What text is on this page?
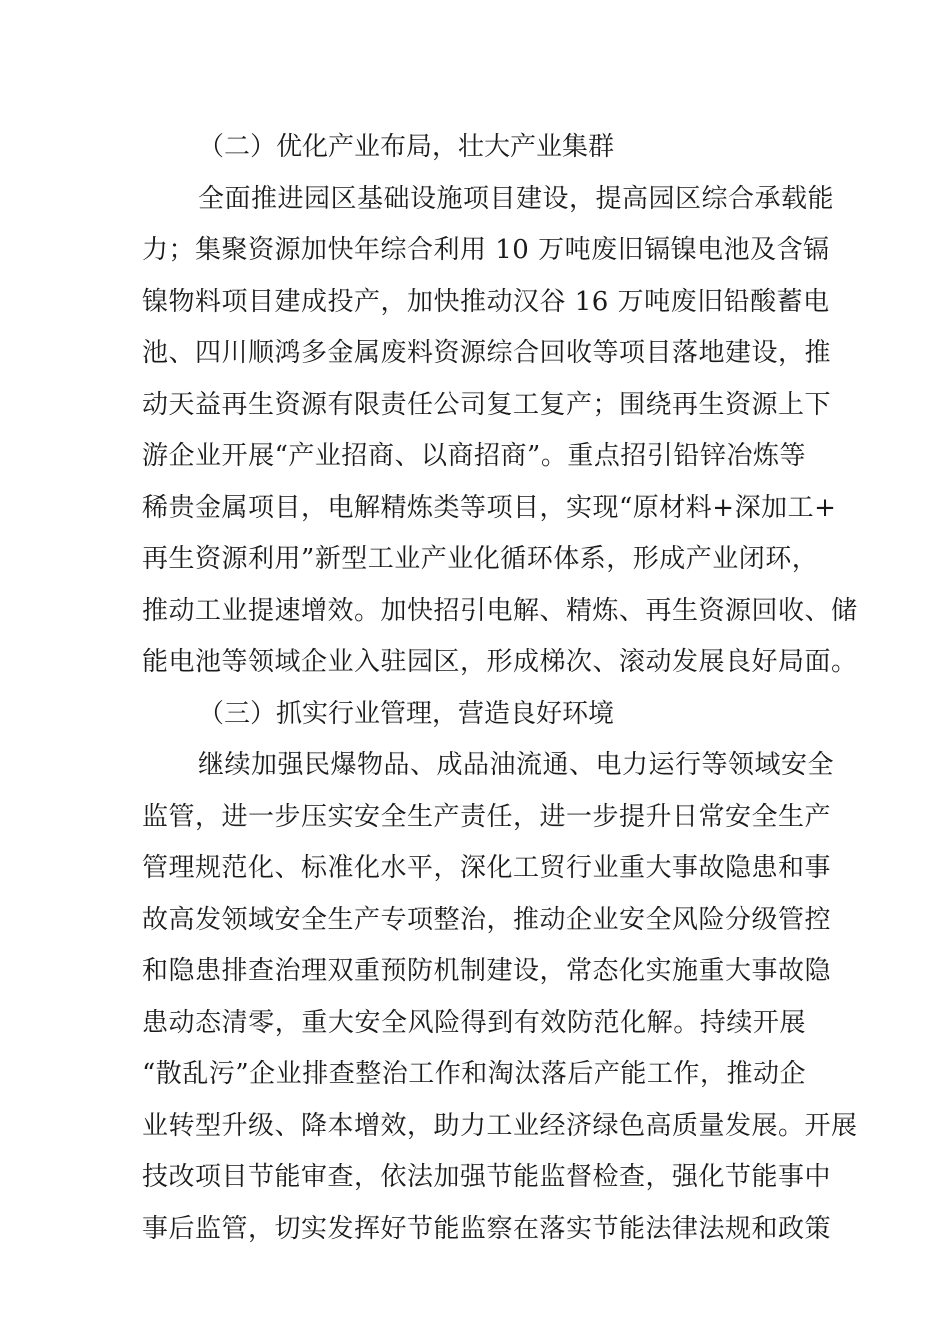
（二）优化产业布局，壮大产业集群
全面推进园区基础设施项目建设，提高园区综合承载能
力；集聚资源加快年综合利用 10 万吨废旧镉镍电池及含镉
镍物料项目建成投产，加快推动汉谷 16 万吨废旧铅酸蓄电
池、四川顺鸿多金属废料资源综合回收等项目落地建设，推
动天益再生资源有限责任公司复工复产；围绕再生资源上下
游企业开展“产业招商、以商招商”。重点招引铅锌冶炼等
稀贵金属项目，电解精炼类等项目，实现“原材料+深加工+
再生资源利用”新型工业产业化循环体系，形成产业闭环，
推动工业提速增效。加快招引电解、精炼、再生资源回收、储
能电池等领域企业入驻园区，形成梯次、滚动发展良好局面。
（三）抓实行业管理，营造良好环境
继续加强民爆物品、成品油流通、电力运行等领域安全
监管，进一步压实安全生产责任，进一步提升日常安全生产
管理规范化、标准化水平，深化工贸行业重大事故隐患和事
故高发领域安全生产专项整治，推动企业安全风险分级管控
和隐患排查治理双重预防机制建设，常态化实施重大事故隐
患动态清零，重大安全风险得到有效防范化解。持续开展
“散乱污”企业排查整治工作和淘汰落后产能工作，推动企
业转型升级、降本增效，助力工业经济绿色高质量发展。开展
技改项目节能审查，依法加强节能监督检查，强化节能事中
事后监管，切实发挥好节能监察在落实节能法律法规和政策
